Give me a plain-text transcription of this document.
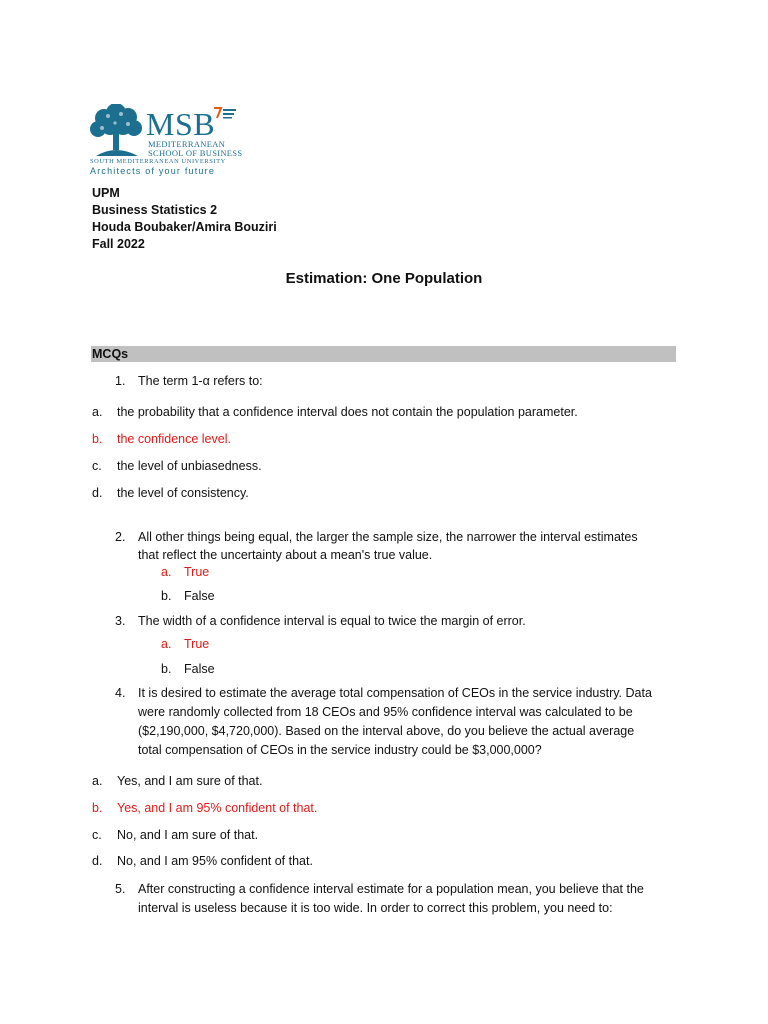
MSB
MEDITERRANEAN
SCHOOL OF BUSINESS
SOUTH MEDITERRANEAN UNIVERSITY
Architects of your future
UPM
Business Statistics 2
Houda Boubaker/Amira Bouziri
Fall 2022
Estimation: One Population
MCQs
1. The term 1-α refers to:
a. the probability that a confidence interval does not contain the population parameter.
b. the confidence level.
c. the level of unbiasedness.
d. the level of consistency.
2. All other things being equal, the larger the sample size, the narrower the interval estimates
that reflect the uncertainty about a mean's true value.
a. True
b. False
3. The width of a confidence interval is equal to twice the margin of error.
a. True
b. False
4. It is desired to estimate the average total compensation of CEOs in the service industry. Data
were randomly collected from 18 CEOs and 95% confidence interval was calculated to be
($2,190,000, $4,720,000). Based on the interval above, do you believe the actual average
total compensation of CEOs in the service industry could be $3,000,000?
a. Yes, and I am sure of that.
b. Yes, and I am 95% confident of that.
c. No, and I am sure of that.
d. No, and I am 95% confident of that.
5. After constructing a confidence interval estimate for a population mean, you believe that the
interval is useless because it is too wide. In order to correct this problem, you need to:
